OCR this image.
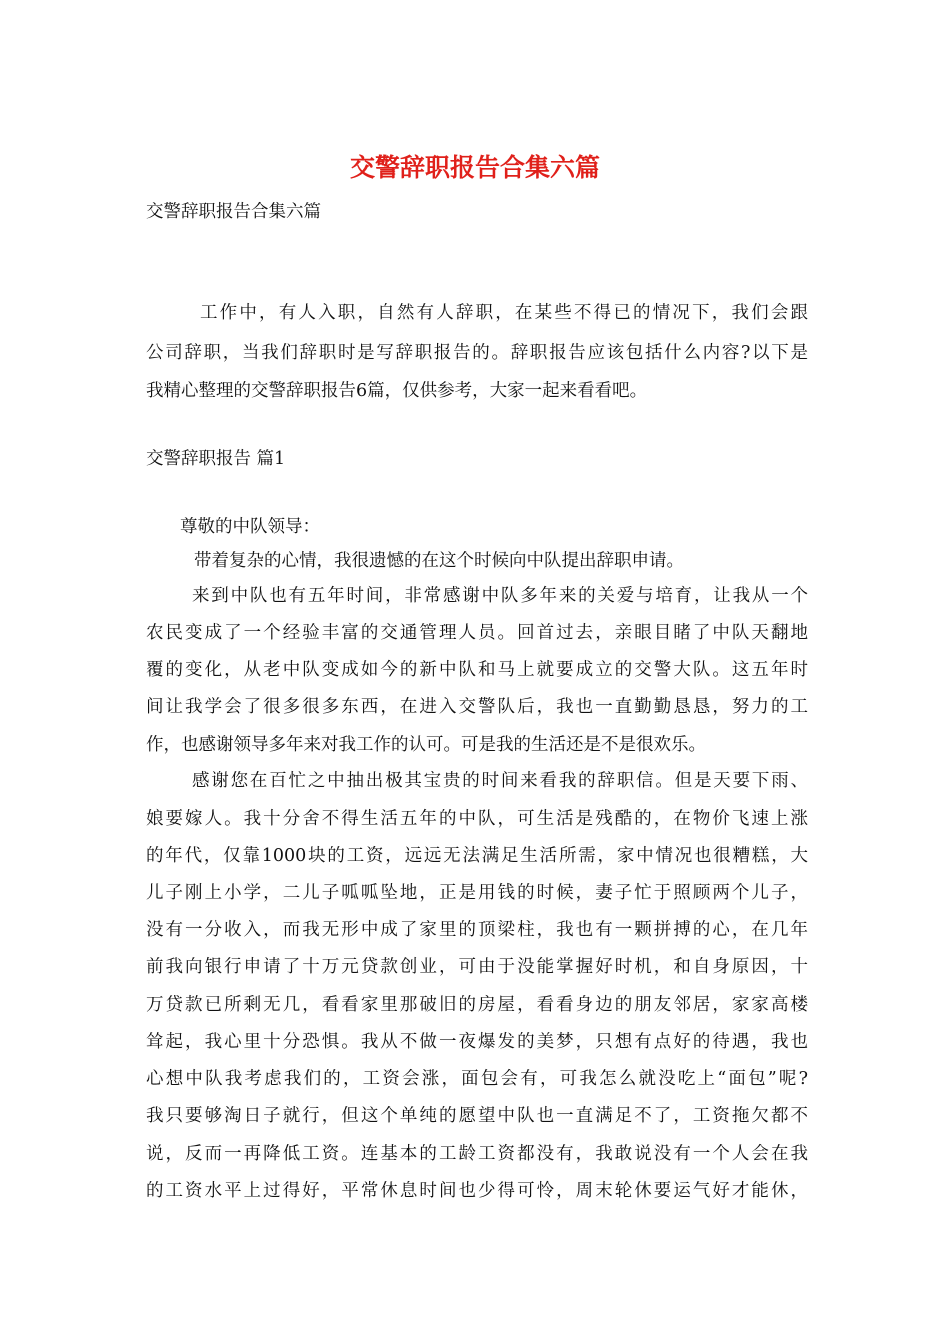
交警辞职报告合集六篇
交警辞职报告合集六篇
工作中，有人入职，自然有人辞职，在某些不得已的情况下，我们会跟
公司辞职，当我们辞职时是写辞职报告的。辞职报告应该包括什么内容?以下是
我精心整理的交警辞职报告6篇，仅供参考，大家一起来看看吧。
交警辞职报告 篇1
尊敬的中队领导：
带着复杂的心情，我很遗憾的在这个时候向中队提出辞职申请。
来到中队也有五年时间，非常感谢中队多年来的关爱与培育，让我从一个
农民变成了一个经验丰富的交通管理人员。回首过去，亲眼目睹了中队天翻地
覆的变化，从老中队变成如今的新中队和马上就要成立的交警大队。这五年时
间让我学会了很多很多东西，在进入交警队后，我也一直勤勤恳恳，努力的工
作，也感谢领导多年来对我工作的认可。可是我的生活还是不是很欢乐。
感谢您在百忙之中抽出极其宝贵的时间来看我的辞职信。但是天要下雨、
娘要嫁人。我十分舍不得生活五年的中队，可生活是残酷的，在物价飞速上涨
的年代，仅靠1000块的工资，远远无法满足生活所需，家中情况也很糟糕，大
儿子刚上小学，二儿子呱呱坠地，正是用钱的时候，妻子忙于照顾两个儿子，
没有一分收入，而我无形中成了家里的顶梁柱，我也有一颗拼搏的心，在几年
前我向银行申请了十万元贷款创业，可由于没能掌握好时机，和自身原因，十
万贷款已所剩无几，看看家里那破旧的房屋，看看身边的朋友邻居，家家高楼
耸起，我心里十分恐惧。我从不做一夜爆发的美梦，只想有点好的待遇，我也
心想中队我考虑我们的，工资会涨，面包会有，可我怎么就没吃上“面包”呢?
我只要够淘日子就行，但这个单纯的愿望中队也一直满足不了，工资拖欠都不
说，反而一再降低工资。连基本的工龄工资都没有，我敢说没有一个人会在我
的工资水平上过得好，平常休息时间也少得可怜，周末轮休要运气好才能休，
